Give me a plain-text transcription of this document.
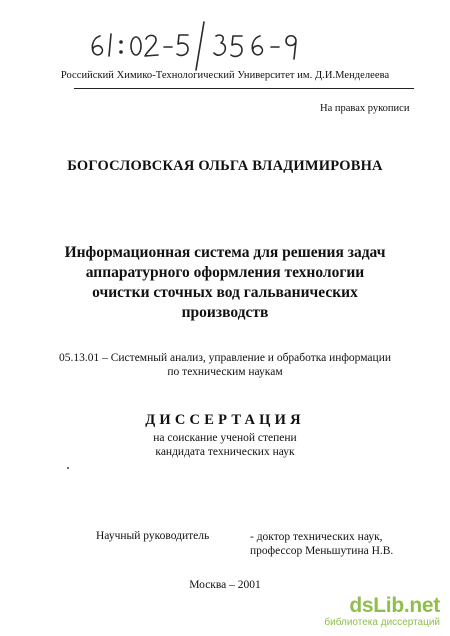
Российский Химико-Технологический Университет им. Д.И.Менделеева
На правах рукописи
БОГОСЛОВСКАЯ ОЛЬГА ВЛАДИМИРОВНА
Информационная система для решения задач
аппаратурного оформления технологии
очистки сточных вод гальванических
производств
05.13.01 – Системный анализ, управление и обработка информации
по техническим наукам
ДИССЕРТАЦИЯ
на соискание ученой степени
кандидата технических наук
Научный руководитель	- доктор технических наук,
профессор Меньшутина Н.В.
Москва – 2001
dsLib.net
библиотека диссертаций
